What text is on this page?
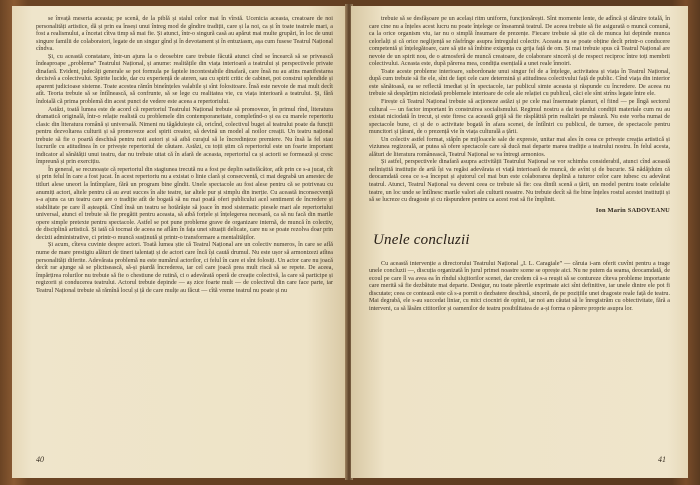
se învață meseria aceasta; pe scenă, de la piblă și stalul celor mai în vîrstă. Ucenicia aceasta, creatoare de noi personalități artistice, dă și prin ea înseși unui întreg mod de gîndire tradiții, care și la noi, ca și în toate teatrele mari, a fost a realismului, a încetat cîtva timp să mai fie. Și atunci, într-o singură casă au apărut mai multe grupări, în loc de unui singure familii de colaboratori, legate de un singur gînd și în devotament și în entuziasm, așa cum fusese Teatrul Național cîndva.

Și, cu această constatare, într-un ajuns la o deosebire care trebuie făcută atunci cînd se încearcă să se privească îndeaproape „problema” Teatrului Național, și anume: realitățile din viața interioară a teatrului și perspectivele private dinafară. Evident, judecăți generale se pot formula pe faptele incontestabile dinafară, care însă nu au atins manifestarea decisivă a colectivului. Spirite lucide, dar cu experiență de ateren, sau cu spirit critic de cabinet, pot construi splendide și aparent judicioase sisteme. Toate acestea rămîn bineînțeles valabile și sînt folositoare. Însă este nevoie de mai mult decît atît. Teoria trebuie să se întîlnească, să confrunte, să se lege cu realitatea vie, cu viața interioară a teatrului. Și, fără îndoială că prima problemă din acest punct de vedere este aceea a repertoriului.

Astăzi, toată lumea este de acord că repertoriul Teatrului Național trebuie să promoveze, în primul rînd, literatura dramatică originală, într-o relație realistă cu problemele din contemporaneitate, completînd-o și ea cu marele repertoriu clasic din literatura română și universală. Nimeni nu tăgăduiește că, oricînd, colectivul bugei al teatrului poate da funcții pentru dezvoltarea culturii și să promoveze acel spirit creator, să devină un model al noilor creații. Un teatru național trebuie să fie o poartă deschisă pentru noii autori și să aibă curajul să le încredințeze premiere. Nu însă la fel stau lucrurile cu atitudinea în ce privește repertoriul de căutare. Astăzi, cu toții știm că repertoriul este un foarte important indicator al sănătății unui teatru, dar nu trebuie uitat că în afară de aceasta, repertoriul ca și actorii se formează și cresc împreună și prin exercițiu.

În general, se recunoaște că repertoriul din stagiunea trecută nu a fost pe deplin satisfăcător, atît prin ce s-a jucat, cît și prin felul în care a fost jucat. În acest repertoriu nu a existat o linie clară și consecventă, ci mai degrabă un amestec de titluri alese uneori la întîmplare, fără un program bine gîndit. Unele spectacole au fost alese pentru că se potriveau cu anumiți actori, altele pentru că au avut succes în alte teatre, iar altele pur și simplu din inerție. Cu această inconsecvență s-a ajuns ca un teatru care are o tradiție atît de bogată să nu mai poată oferi publicului acel sentiment de încredere și stabilitate pe care îl așteaptă. Cînd însă un teatru se hotărăște să joace în mod sistematic piesele mari ale repertoriului universal, atunci el trebuie să fie pregătit pentru aceasta, să aibă forțele și înțelegerea necesară, ca să nu facă din marile opere simple pretexte pentru spectacole. Astfel se pot pune probleme grave de organizare internă, de muncă în colectiv, de disciplină artistică. Și iată că tocmai de aceea ne aflăm în fața unei situații delicate, care nu se poate rezolva doar prin decizii administrative, ci printr-o muncă susținută și printr-o transformare a mentalităților.

Și acum, cîteva cuvinte despre actori. Toată lumea știe că Teatrul Național are un colectiv numeros, în care se află nume de mare prestigiu alături de tineri talentați și de actori care încă își caută drumul. Nu este ușor să armonizezi atîtea personalități diferite. Adevărata problemă nu este numărul actorilor, ci felul în care ei sînt folosiți. Un actor care nu joacă decît rar ajunge să se plictisească, să-și piardă încrederea, iar cel care joacă prea mult riscă să se repete. De aceea, împărțirea rolurilor nu trebuie să fie o chestiune de rutină, ci o adevărată operă de creație colectivă, la care să participe și regizorii și conducerea teatrului. Actorul trebuie depinde — aș zice foarte mult — de colectivul din care face parte, iar Teatrul Național trebuie să rămînă locul și ță de care mulțe au făcut — cîtă vreme teatrul nu poate și nu

40

trebuie să se desfășoare pe un același ritm uniform, funcționărești. Sînt momente lente, de adîncă și dăruire totală, în care cine nu a înțeles acest lucru nu poate înțelege ce înseamnă teatrul. De aceea trebuie să fie asigurată o muncă comunǎ, ca la orice organism viu, iar nu o simplă însumare de prezențe. Fiecare trebuie să știe că de munca lui depinde munca celorlalți și că orice neglijență se răsfrînge asupra întregului colectiv. Aceasta nu se poate obține decît printr-o conducere competentă și înțelegătoare, care să știe să îmbine exigența cu grija față de om. Și mai trebuie spus că Teatrul Național are nevoie de un spirit nou, de o atmosferă de muncă creatoare, de colaborare sinceră și de respect reciproc între toți membrii colectivului. Aceasta este, după părerea mea, condiția esențială a unei reale înnoiri.

Toate aceste probleme interioare, subordonate unui singur fel de a înțelege, activitatea și viața în Teatrul Național, după cum trebuie să fie ele, sînt de fapt cele care determină și atitudinea colectivului față de public. Cînd viața din interior este sănătoasă, ea se reflectă imediat și în spectacole, iar publicul simte aceasta și răspunde cu încredere. De aceea nu trebuie să despărțim niciodată problemele interioare de cele ale relației cu publicul, căci ele sînt strîns legate între ele.

Firește că Teatrul Național trebuie să acționeze astăzi și pe cele mai însemnate planuri, el fiind — pe lîngă sectorul cultural — un factor important în construirea socialismului. Regimul nostru a dat teatrului condiții materiale cum nu au existat niciodată în trecut, și este firesc ca această grijă să fie răsplătită prin realizări pe măsură. Nu este vorba numai de spectacole bune, ci și de o activitate bogată în afara scenei, de întîlniri cu publicul, de turnee, de spectacole pentru muncitori și țărani, de o prezență vie în viața culturală a țării.

Un colectiv astfel format, stăpîn pe mijloacele sale de expresie, unitar mai ales în ceea ce privește creația artistică și viziunea regizorală, ar putea să ofere spectacole care să ducă mai departe marea tradiție a teatrului nostru. În felul acesta, alături de literatura românească, Teatrul Național se va întregi armonios.

Și astfel, perspectivele dinafară asupra activității Teatrului Național se vor schimba considerabil, atunci cînd această neliniștită instituție de artă își va regăsi adevărata ei viață interioară de muncă, de avînt și de bucurie. Să nădăjduim că deocamdată ceea ce s-a început și ajutorul cel mai bun este colaborarea deplină a tuturor celor care iubesc cu adevărat teatrul. Atunci, Teatrul Național va deveni ceea ce trebuie să fie: cea dintîi scenă a țării, un model pentru toate celelalte teatre, un loc unde se întîlnesc marile valori ale culturii noastre. Nu trebuie decît să fie bine înțeles rostul acestei instituții și să se lucreze cu dragoste și cu răspundere pentru ca acest rost să fie împlinit.

Ion Marin SADOVEANU
Unele concluzii

Cu această intervenție a directorului Teatrului Național „I. L. Caragiale” — căruia i-am oferit cuvînt pentru a trage unele concluzii —, discuția organizată în jurul primei noastre scene se oprește aici. Nu ne putem da seama, deocamdată, de ecoul pe care îl va avea ea în rîndul slujitorilor scenei, dar credem că s-a reușit să se contureze cîteva probleme importante care merită să fie dezbătute mai departe. Desigur, nu toate părerile exprimate aici sînt definitive, iar unele dintre ele pot fi discutate; ceea ce contează este că s-a pornit o dezbatere deschisă, sinceră, de pe pozițiile unei dragoste reale față de teatru. Mai degrabă, ele s-au succedat liniar, cu mici ciocniri de opinii, iar noi am căutat să le înregistrăm cu obiectivitate, fără a interveni, ca să lăsăm cititorilor și oamenilor de teatru posibilitatea de a-și forma o părere proprie asupra lor.

41
